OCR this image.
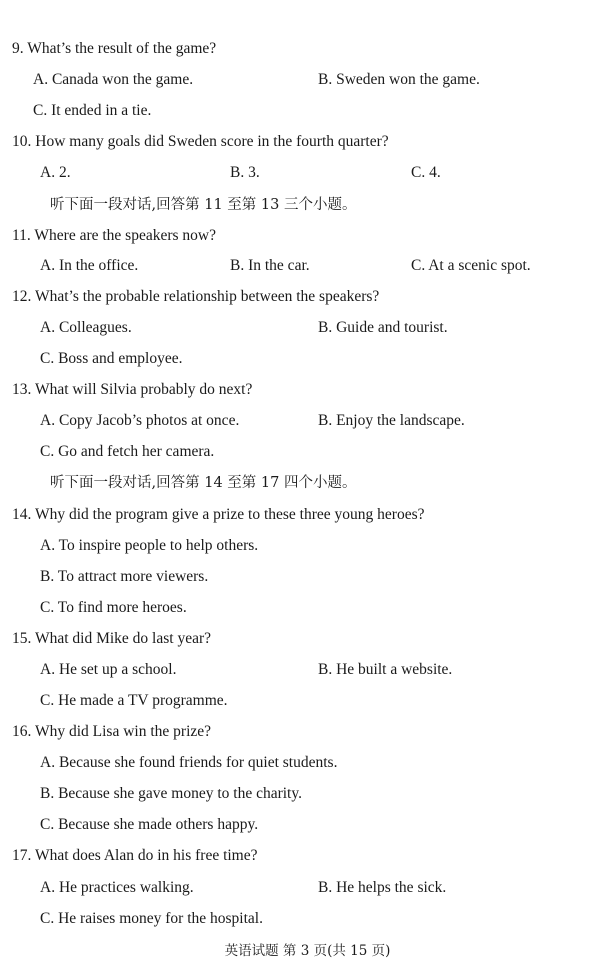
9. What’s the result of the game?
A. Canada won the game.	B. Sweden won the game.
C. It ended in a tie.
10. How many goals did Sweden score in the fourth quarter?
A. 2.	B. 3.	C. 4.
听下面一段对话,回答第 11 至第 13 三个小题。
11. Where are the speakers now?
A. In the office.	B. In the car.	C. At a scenic spot.
12. What’s the probable relationship between the speakers?
A. Colleagues.	B. Guide and tourist.
C. Boss and employee.
13. What will Silvia probably do next?
A. Copy Jacob’s photos at once.	B. Enjoy the landscape.
C. Go and fetch her camera.
听下面一段对话,回答第 14 至第 17 四个小题。
14. Why did the program give a prize to these three young heroes?
A. To inspire people to help others.
B. To attract more viewers.
C. To find more heroes.
15. What did Mike do last year?
A. He set up a school.	B. He built a website.
C. He made a TV programme.
16. Why did Lisa win the prize?
A. Because she found friends for quiet students.
B. Because she gave money to the charity.
C. Because she made others happy.
17. What does Alan do in his free time?
A. He practices walking.	B. He helps the sick.
C. He raises money for the hospital.
英语试题 第 3 页(共 15 页)
